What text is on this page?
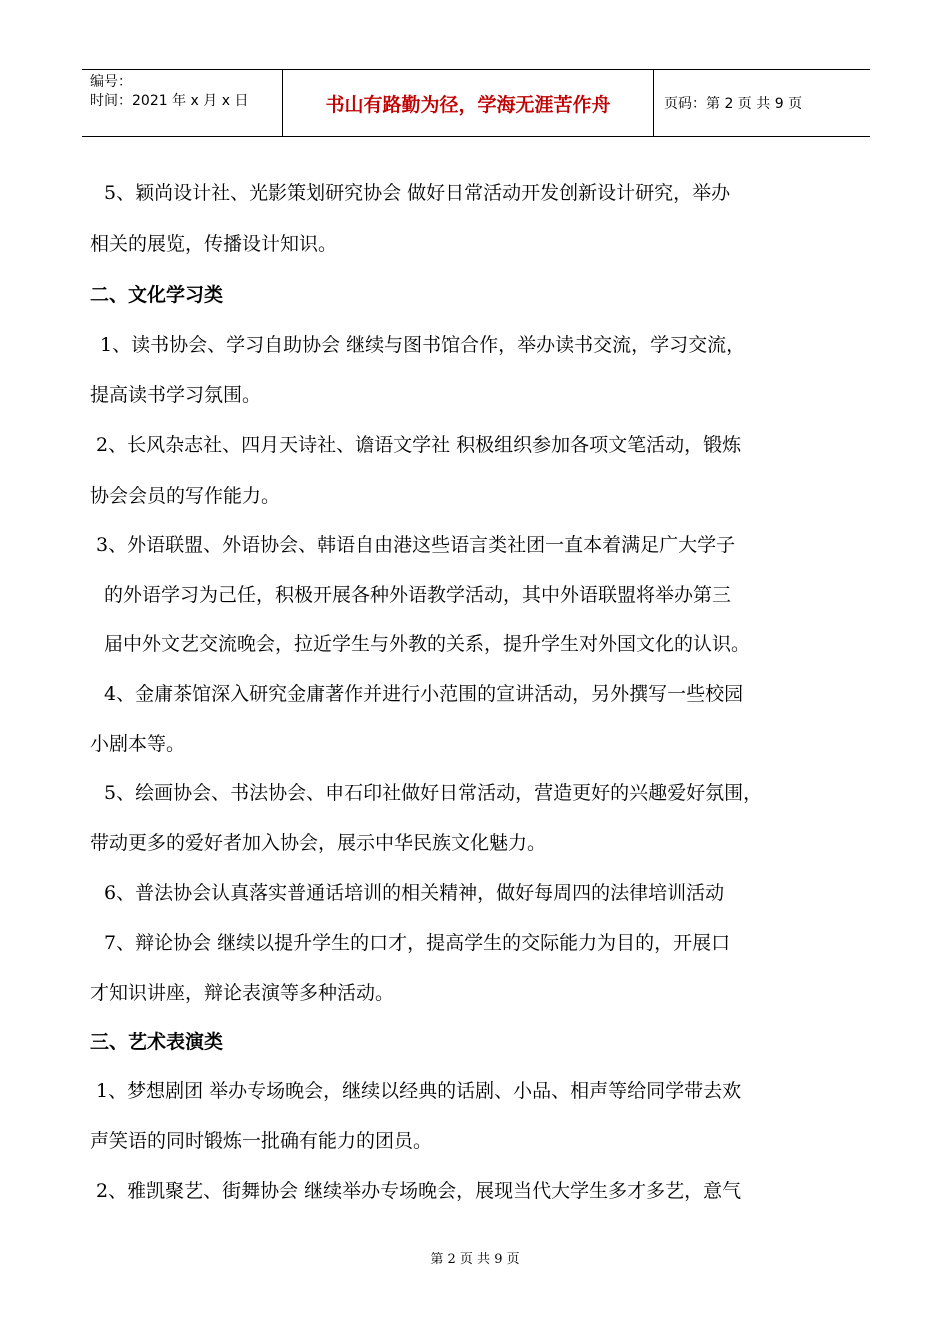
编号：
时间：2021 年 x 月 x 日	书山有路勤为径，学海无涯苦作舟	页码：第 2 页 共 9 页
5、颖尚设计社、光影策划研究协会 做好日常活动开发创新设计研究，举办
相关的展览，传播设计知识。
二、文化学习类
1、读书协会、学习自助协会 继续与图书馆合作，举办读书交流，学习交流，
提高读书学习氛围。
2、长风杂志社、四月天诗社、谵语文学社 积极组织参加各项文笔活动，锻炼
协会会员的写作能力。
3、外语联盟、外语协会、韩语自由港这些语言类社团一直本着满足广大学子
的外语学习为己任，积极开展各种外语教学活动，其中外语联盟将举办第三
届中外文艺交流晚会，拉近学生与外教的关系，提升学生对外国文化的认识。
4、金庸茶馆深入研究金庸著作并进行小范围的宣讲活动，另外撰写一些校园
小剧本等。
5、绘画协会、书法协会、申石印社做好日常活动，营造更好的兴趣爱好氛围，
带动更多的爱好者加入协会，展示中华民族文化魅力。
6、普法协会认真落实普通话培训的相关精神，做好每周四的法律培训活动
7、辩论协会 继续以提升学生的口才，提高学生的交际能力为目的，开展口
才知识讲座，辩论表演等多种活动。
三、艺术表演类
1、梦想剧团 举办专场晚会，继续以经典的话剧、小品、相声等给同学带去欢
声笑语的同时锻炼一批确有能力的团员。
2、雅凯聚艺、街舞协会 继续举办专场晚会，展现当代大学生多才多艺，意气
第 2 页 共 9 页
